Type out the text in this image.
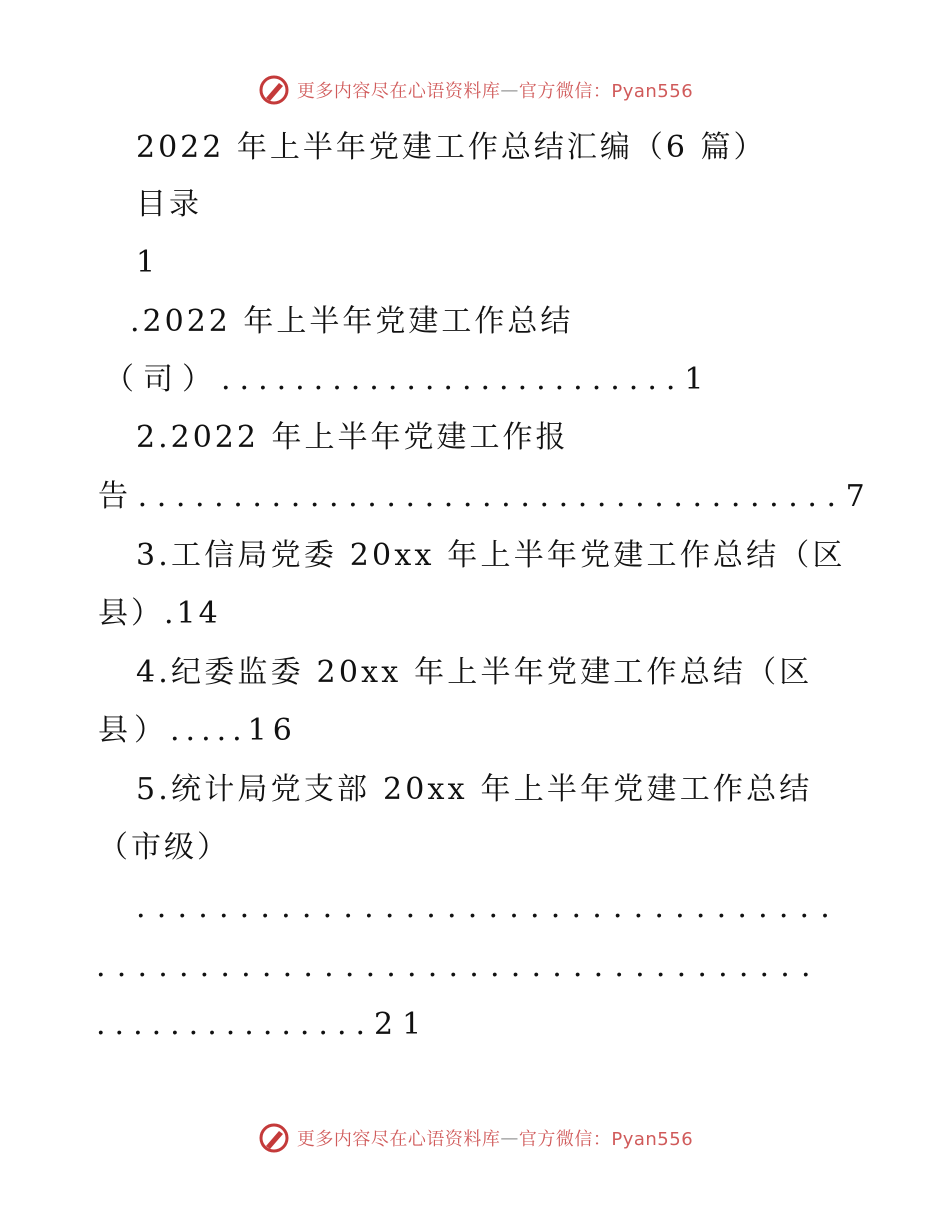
更多内容尽在心语资料库 — 官方微信：Pyan556
2022 年上半年党建工作总结汇编（6 篇）
目录
1
.2022 年上半年党建工作总结
（司）.........................1
2.2022 年上半年党建工作报
告.....................................7
3.工信局党委 20xx 年上半年党建工作总结（区
县）.14
4.纪委监委 20xx 年上半年党建工作总结（区
县）.....16
5.统计局党支部 20xx 年上半年党建工作总结
（市级）
..................................
...................................
...............21
更多内容尽在心语资料库 — 官方微信：Pyan556
